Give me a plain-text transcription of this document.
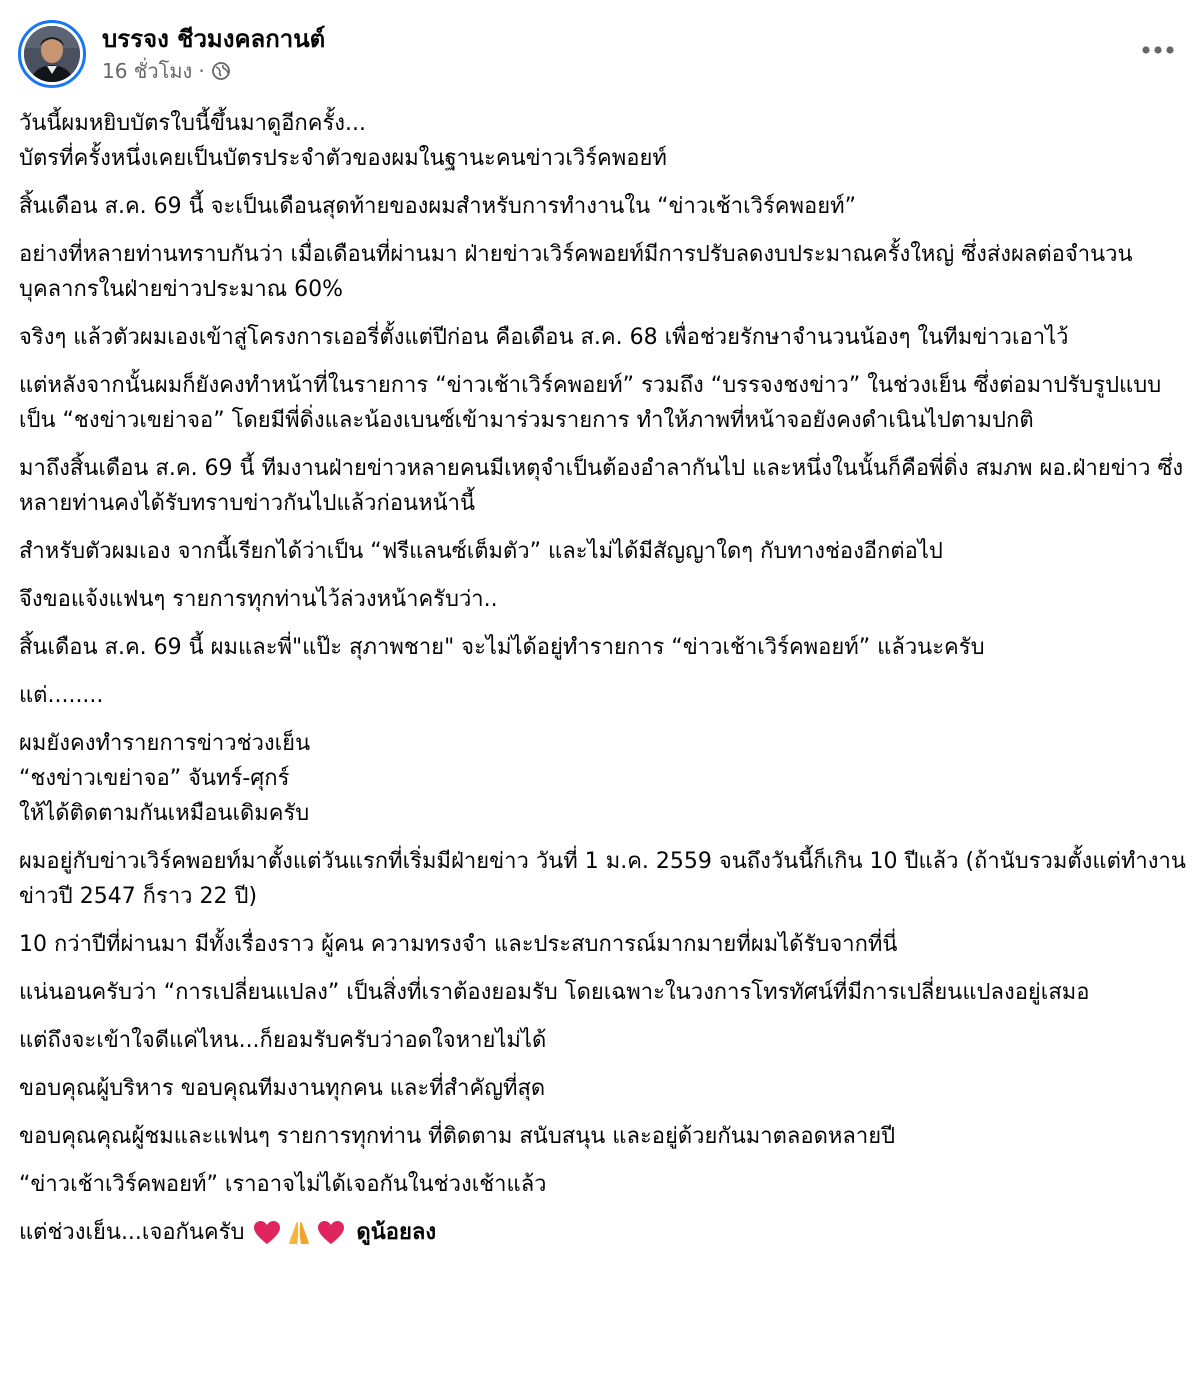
บรรจง ชีวมงคลกานต์
16 ชั่วโมง ·

วันนี้ผมหยิบบัตรใบนี้ขึ้นมาดูอีกครั้ง...
บัตรที่ครั้งหนึ่งเคยเป็นบัตรประจำตัวของผมในฐานะคนข่าวเวิร์คพอยท์

สิ้นเดือน ส.ค. 69 นี้ จะเป็นเดือนสุดท้ายของผมสำหรับการทำงานใน “ข่าวเช้าเวิร์คพอยท์”

อย่างที่หลายท่านทราบกันว่า เมื่อเดือนที่ผ่านมา ฝ่ายข่าวเวิร์คพอยท์มีการปรับลดงบประมาณครั้งใหญ่ ซึ่งส่งผลต่อจำนวนบุคลากรในฝ่ายข่าวประมาณ 60%

จริงๆ แล้วตัวผมเองเข้าสู่โครงการเออรี่ตั้งแต่ปีก่อน คือเดือน ส.ค. 68 เพื่อช่วยรักษาจำนวนน้องๆ ในทีมข่าวเอาไว้

แต่หลังจากนั้นผมก็ยังคงทำหน้าที่ในรายการ “ข่าวเช้าเวิร์คพอยท์” รวมถึง “บรรจงชงข่าว” ในช่วงเย็น ซึ่งต่อมาปรับรูปแบบเป็น “ชงข่าวเขย่าจอ” โดยมีพี่ดิ่งและน้องเบนซ์เข้ามาร่วมรายการ ทำให้ภาพที่หน้าจอยังคงดำเนินไปตามปกติ

มาถึงสิ้นเดือน ส.ค. 69 นี้ ทีมงานฝ่ายข่าวหลายคนมีเหตุจำเป็นต้องอำลากันไป และหนึ่งในนั้นก็คือพี่ดิ่ง สมภพ ผอ.ฝ่ายข่าว ซึ่งหลายท่านคงได้รับทราบข่าวกันไปแล้วก่อนหน้านี้

สำหรับตัวผมเอง จากนี้เรียกได้ว่าเป็น “ฟรีแลนซ์เต็มตัว” และไม่ได้มีสัญญาใดๆ กับทางช่องอีกต่อไป

จึงขอแจ้งแฟนๆ รายการทุกท่านไว้ล่วงหน้าครับว่า..

สิ้นเดือน ส.ค. 69 นี้ ผมและพี่"แป๊ะ สุภาพชาย" จะไม่ได้อยู่ทำรายการ “ข่าวเช้าเวิร์คพอยท์” แล้วนะครับ

แต่........

ผมยังคงทำรายการข่าวช่วงเย็น
“ชงข่าวเขย่าจอ” จันทร์-ศุกร์
ให้ได้ติดตามกันเหมือนเดิมครับ

ผมอยู่กับข่าวเวิร์คพอยท์มาตั้งแต่วันแรกที่เริ่มมีฝ่ายข่าว วันที่ 1 ม.ค. 2559 จนถึงวันนี้ก็เกิน 10 ปีแล้ว (ถ้านับรวมตั้งแต่ทำงานข่าวปี 2547 ก็ราว 22 ปี)

10 กว่าปีที่ผ่านมา มีทั้งเรื่องราว ผู้คน ความทรงจำ และประสบการณ์มากมายที่ผมได้รับจากที่นี่

แน่นอนครับว่า “การเปลี่ยนแปลง” เป็นสิ่งที่เราต้องยอมรับ โดยเฉพาะในวงการโทรทัศน์ที่มีการเปลี่ยนแปลงอยู่เสมอ

แต่ถึงจะเข้าใจดีแค่ไหน...ก็ยอมรับครับว่าอดใจหายไม่ได้

ขอบคุณผู้บริหาร ขอบคุณทีมงานทุกคน และที่สำคัญที่สุด

ขอบคุณคุณผู้ชมและแฟนๆ รายการทุกท่าน ที่ติดตาม สนับสนุน และอยู่ด้วยกันมาตลอดหลายปี

“ข่าวเช้าเวิร์คพอยท์” เราอาจไม่ได้เจอกันในช่วงเช้าแล้ว

แต่ช่วงเย็น...เจอกันครับ	ดูน้อยลง
